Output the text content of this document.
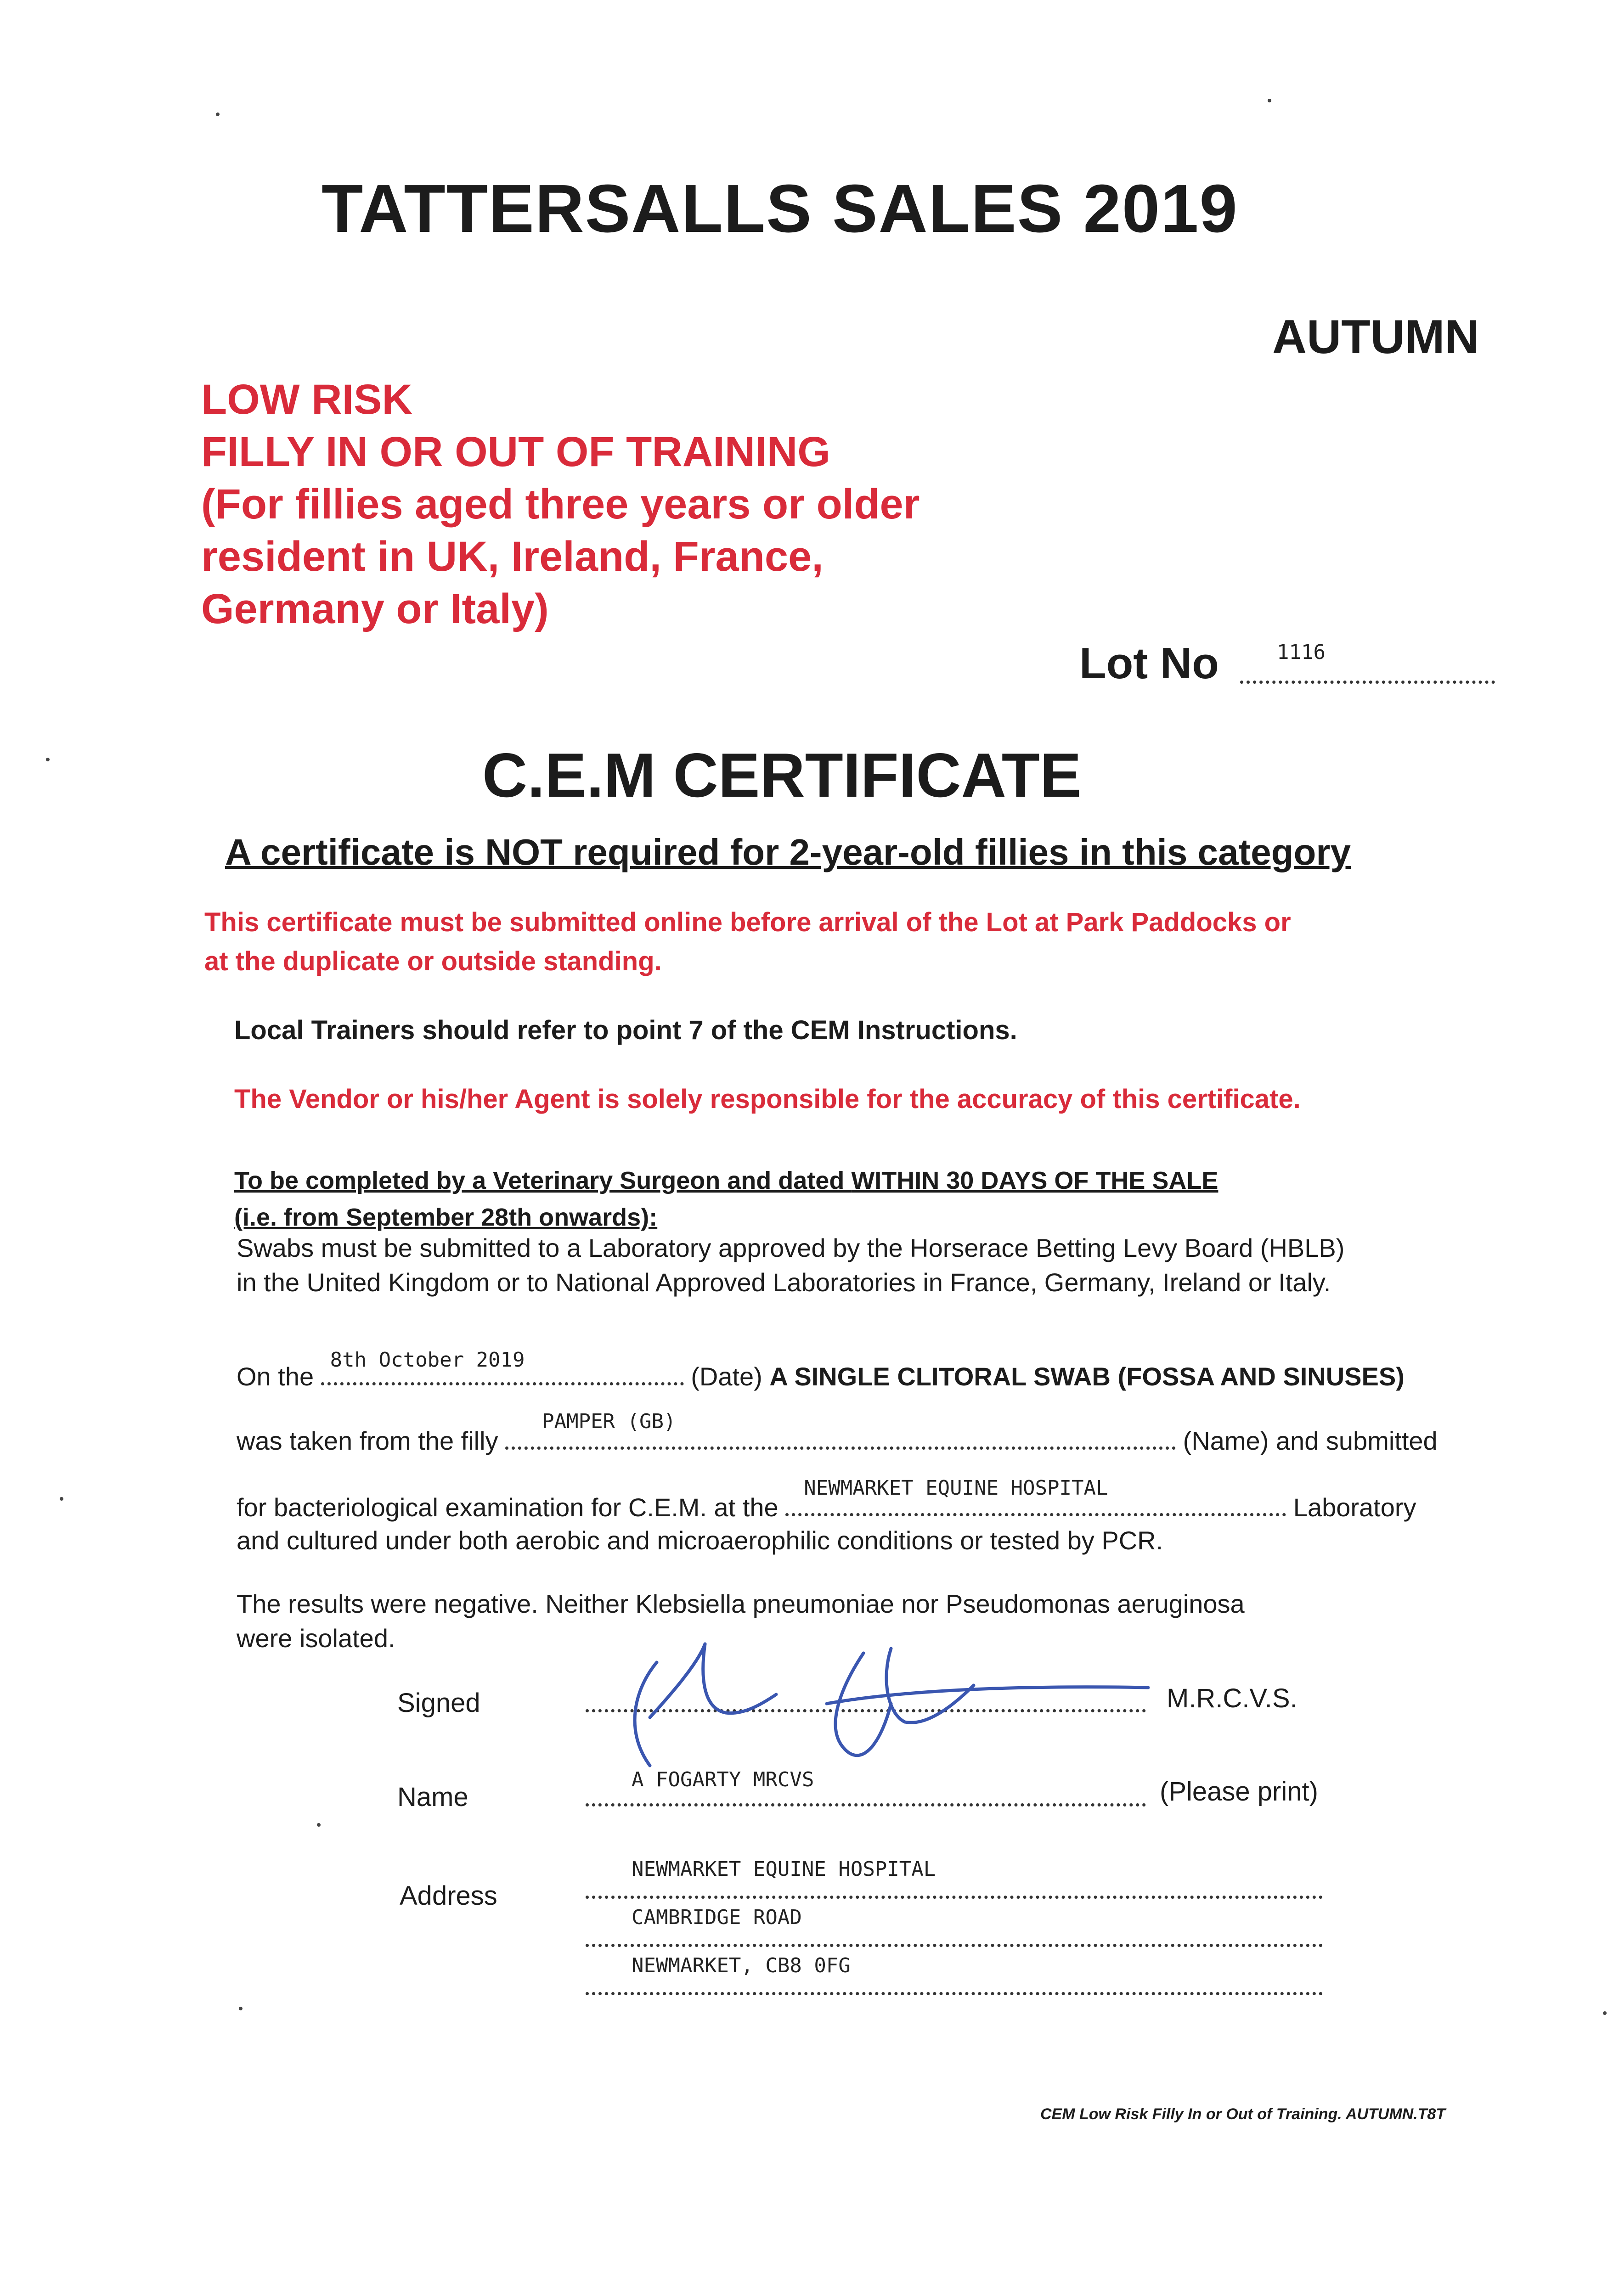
TATTERSALLS SALES 2019
AUTUMN
LOW RISK
FILLY IN OR OUT OF TRAINING
(For fillies aged three years or older
resident in UK, Ireland, France,
Germany or Italy)
Lot No	1116
C.E.M CERTIFICATE
A certificate is NOT required for 2-year-old fillies in this category
This certificate must be submitted online before arrival of the Lot at Park Paddocks or
at the duplicate or outside standing.
Local Trainers should refer to point 7 of the CEM Instructions.
The Vendor or his/her Agent is solely responsible for the accuracy of this certificate.
To be completed by a Veterinary Surgeon and dated WITHIN 30 DAYS OF THE SALE
(i.e. from September 28th onwards):
Swabs must be submitted to a Laboratory approved by the Horserace Betting Levy Board (HBLB)
in the United Kingdom or to National Approved Laboratories in France, Germany, Ireland or Italy.
On the
8th October 2019
(Date) A SINGLE CLITORAL SWAB (FOSSA AND SINUSES)
was taken from the filly
PAMPER (GB)
(Name) and submitted
for bacteriological examination for C.E.M. at the
NEWMARKET EQUINE HOSPITAL
Laboratory
and cultured under both aerobic and microaerophilic conditions or tested by PCR.
The results were negative. Neither Klebsiella pneumoniae nor Pseudomonas aeruginosa
were isolated.
Signed	M.R.C.V.S.
Name
A FOGARTY MRCVS	(Please print)
Address
NEWMARKET EQUINE HOSPITAL
CAMBRIDGE ROAD
NEWMARKET, CB8 0FG
CEM Low Risk Filly In or Out of Training. AUTUMN.T8T
